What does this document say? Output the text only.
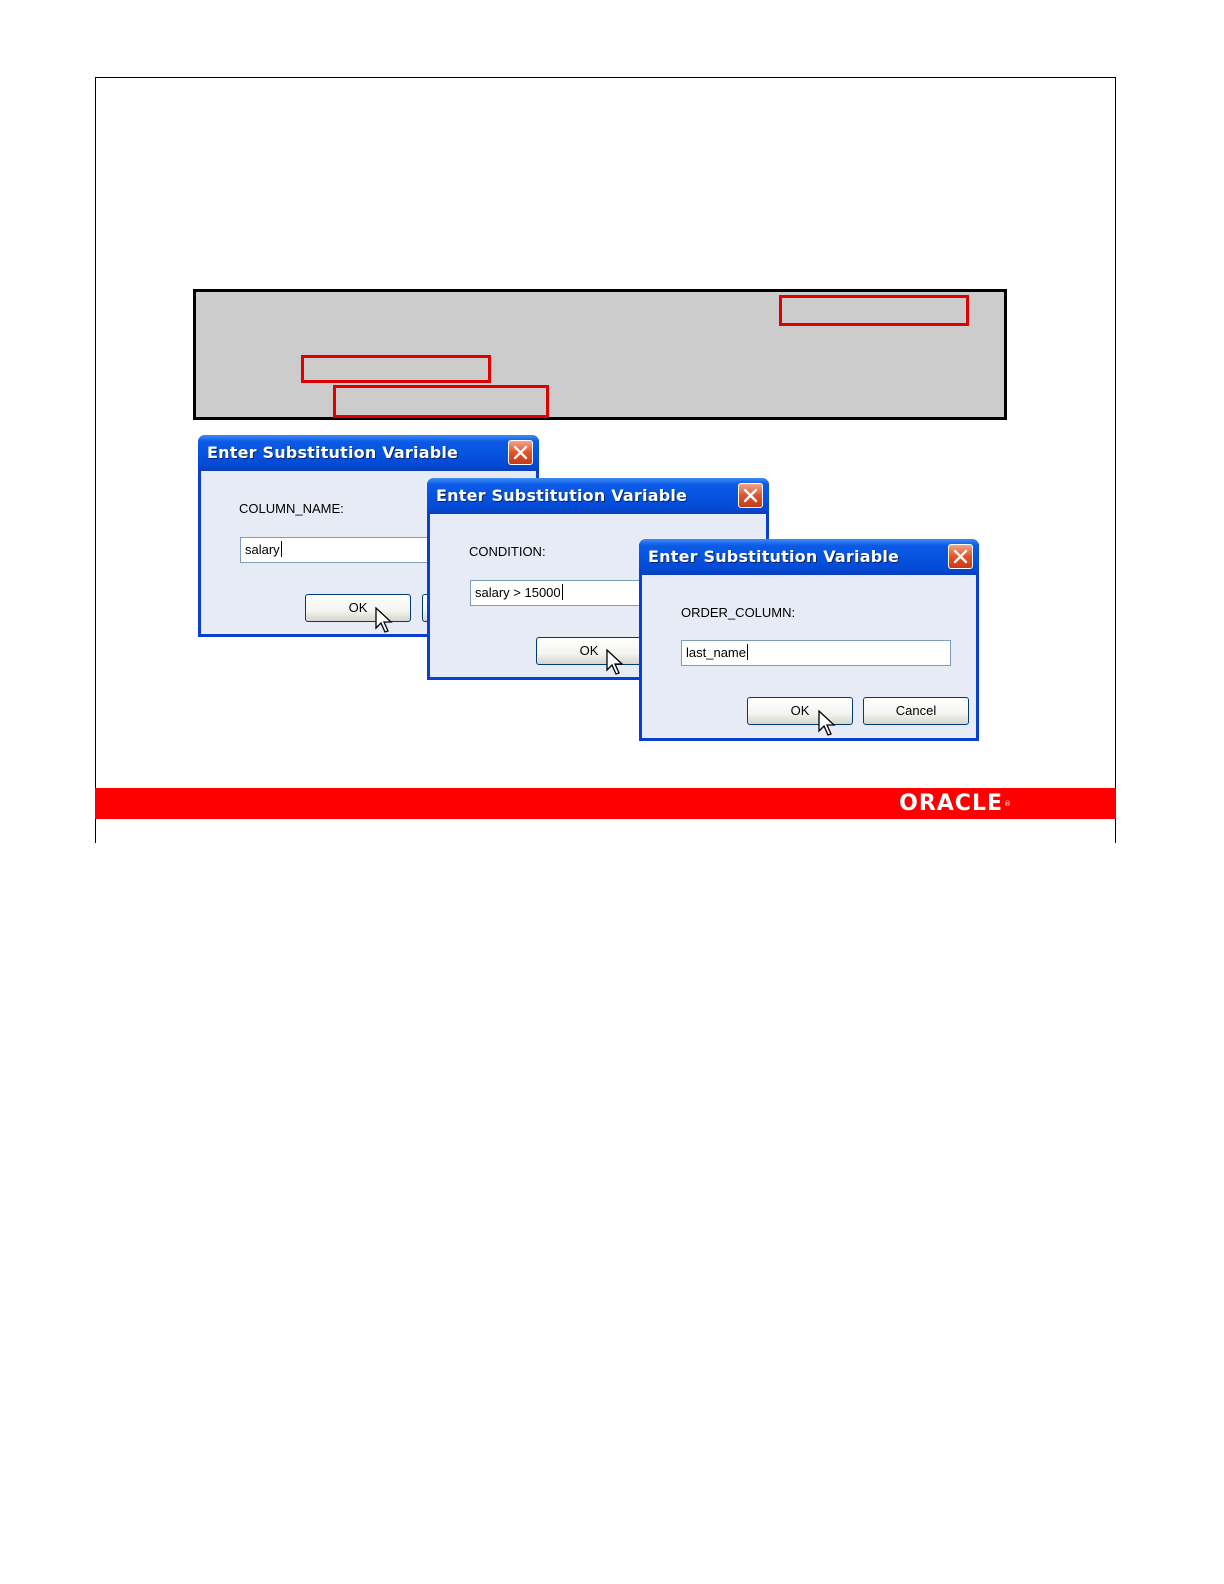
Enter Substitution Variable
COLUMN_NAME:
salary
OK
Enter Substitution Variable
CONDITION:
salary > 15000
OK
Enter Substitution Variable
ORDER_COLUMN:
last_name
OK	Cancel
ORACLE®
